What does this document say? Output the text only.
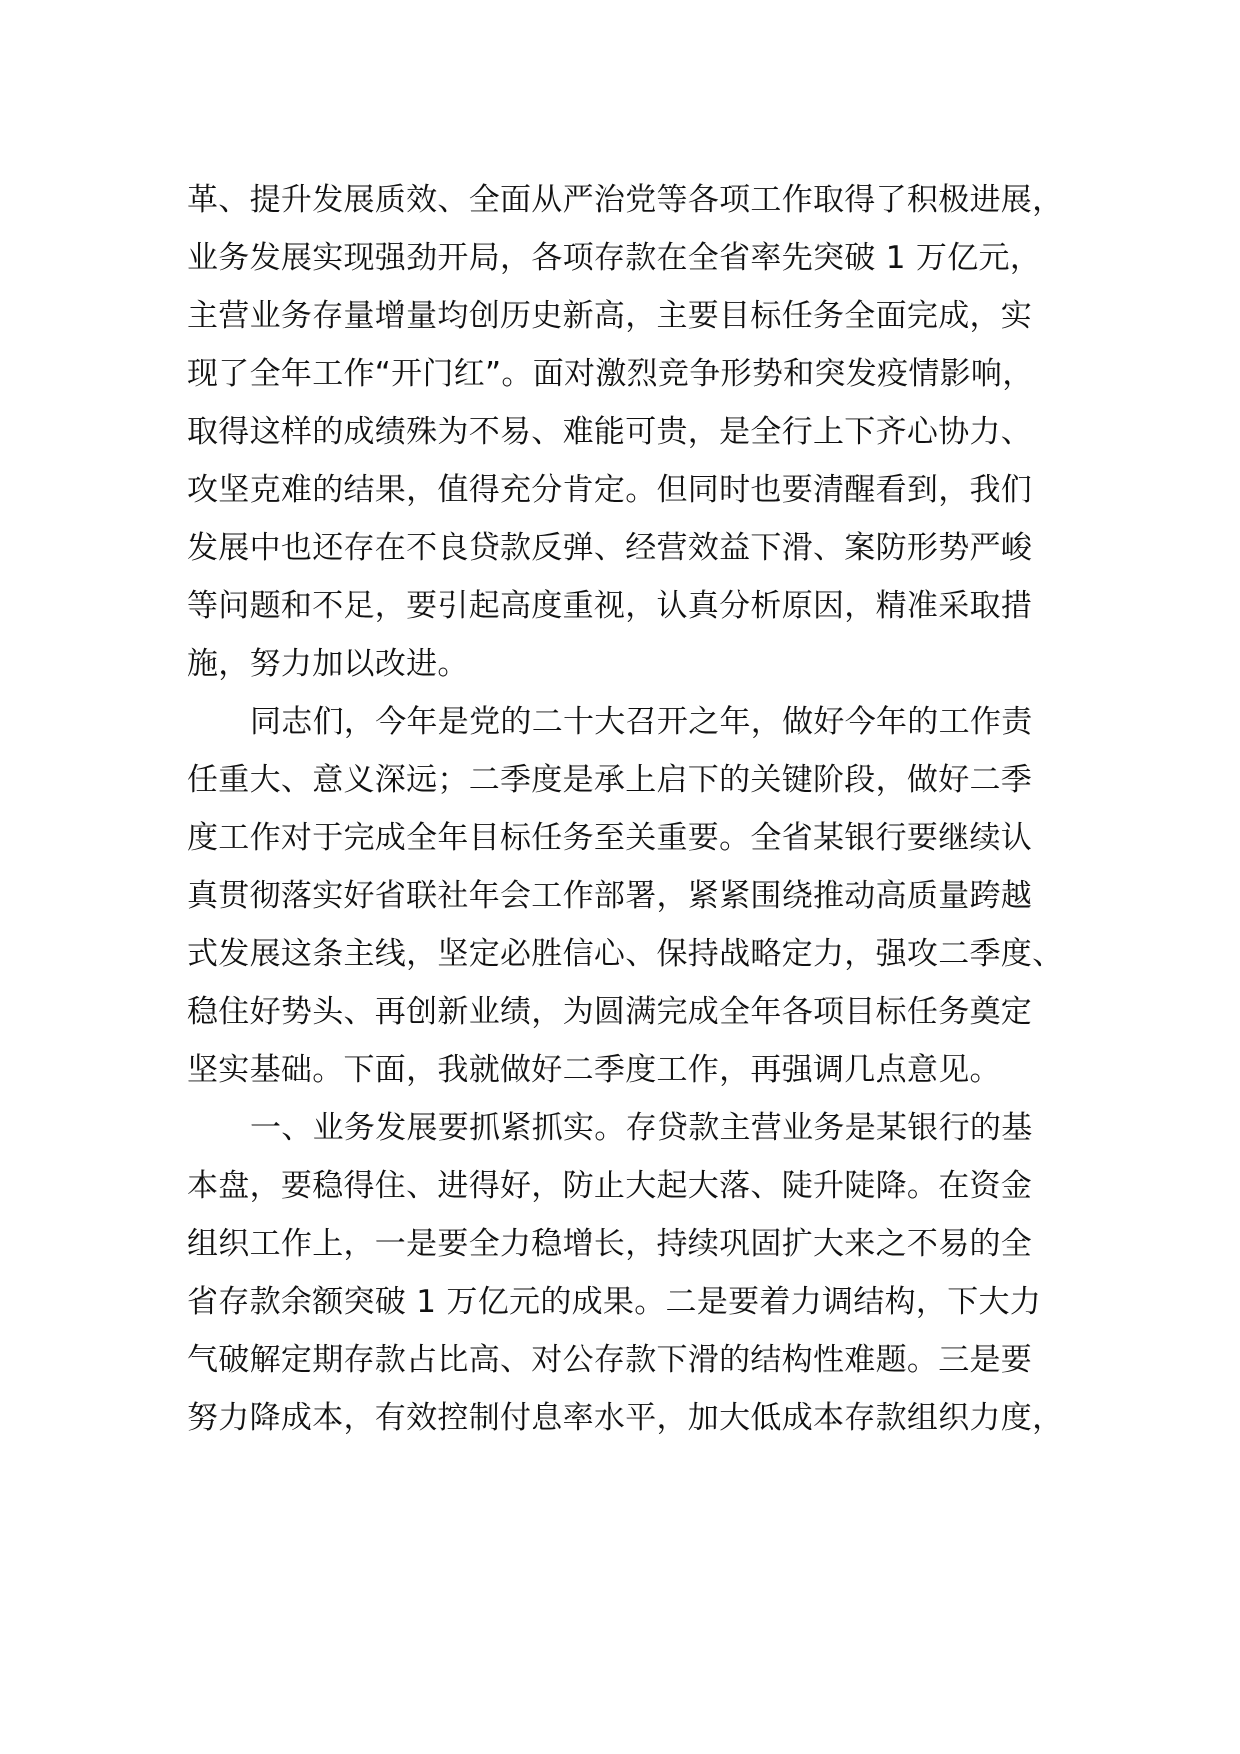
革、提升发展质效、全面从严治党等各项工作取得了积极进展，
业务发展实现强劲开局，各项存款在全省率先突破 1 万亿元，
主营业务存量增量均创历史新高，主要目标任务全面完成，实
现了全年工作“开门红”。面对激烈竞争形势和突发疫情影响，
取得这样的成绩殊为不易、难能可贵，是全行上下齐心协力、
攻坚克难的结果，值得充分肯定。但同时也要清醒看到，我们
发展中也还存在不良贷款反弹、经营效益下滑、案防形势严峻
等问题和不足，要引起高度重视，认真分析原因，精准采取措
施，努力加以改进。
同志们，今年是党的二十大召开之年，做好今年的工作责
任重大、意义深远；二季度是承上启下的关键阶段，做好二季
度工作对于完成全年目标任务至关重要。全省某银行要继续认
真贯彻落实好省联社年会工作部署，紧紧围绕推动高质量跨越
式发展这条主线，坚定必胜信心、保持战略定力，强攻二季度、
稳住好势头、再创新业绩，为圆满完成全年各项目标任务奠定
坚实基础。下面，我就做好二季度工作，再强调几点意见。
一、业务发展要抓紧抓实。存贷款主营业务是某银行的基
本盘，要稳得住、进得好，防止大起大落、陡升陡降。在资金
组织工作上，一是要全力稳增长，持续巩固扩大来之不易的全
省存款余额突破 1 万亿元的成果。二是要着力调结构，下大力
气破解定期存款占比高、对公存款下滑的结构性难题。三是要
努力降成本，有效控制付息率水平，加大低成本存款组织力度，
